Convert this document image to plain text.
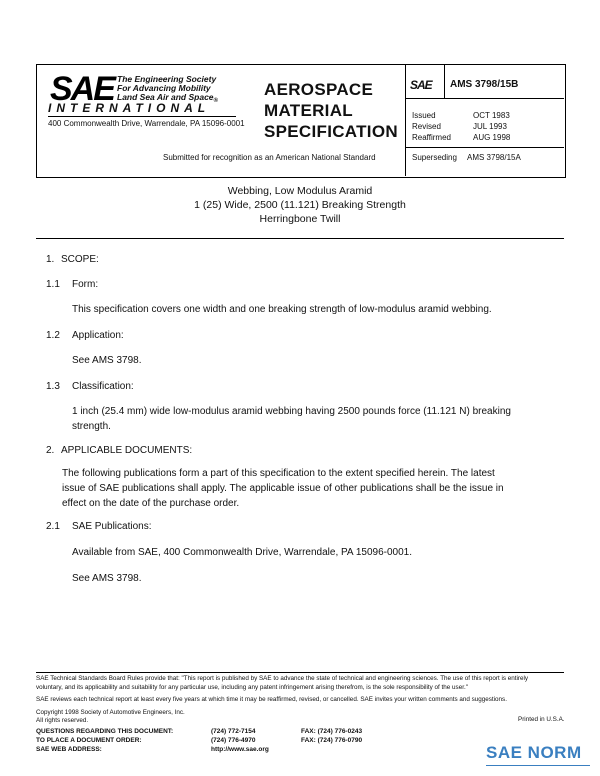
SAE The Engineering Society
For Advancing Mobility
Land Sea Air and Space$_®$
INTERNATIONAL
400 Commonwealth Drive, Warrendale, PA 15096-0001
AEROSPACE
MATERIAL
SPECIFICATION
Submitted for recognition as an American National Standard
SAE AMS 3798/15B
Issued	OCT 1983
Revised	JUL 1993
Reaffirmed	AUG 1998
Superseding AMS 3798/15A
Webbing, Low Modulus Aramid
1 (25) Wide, 2500 (11.121) Breaking Strength
Herringbone Twill
1. SCOPE:
1.1 Form:
This specification covers one width and one breaking strength of low-modulus aramid webbing.
1.2 Application:
See AMS 3798.
1.3 Classification:
1 inch (25.4 mm) wide low-modulus aramid webbing having 2500 pounds force (11.121 N) breaking
strength.
2. APPLICABLE DOCUMENTS:
The following publications form a part of this specification to the extent specified herein. The latest
issue of SAE publications shall apply. The applicable issue of other publications shall be the issue in
effect on the date of the purchase order.
2.1 SAE Publications:
Available from SAE, 400 Commonwealth Drive, Warrendale, PA 15096-0001.
See AMS 3798.
SAE Technical Standards Board Rules provide that: "This report is published by SAE to advance the state of technical and engineering sciences. The use of this report is entirely
voluntary, and its applicability and suitability for any particular use, including any patent infringement arising therefrom, is the sole responsibility of the user."
SAE reviews each technical report at least every five years at which time it may be reaffirmed, revised, or cancelled. SAE invites your written comments and suggestions.
Copyright 1998 Society of Automotive Engineers, Inc.
All rights reserved.	Printed in U.S.A.
QUESTIONS REGARDING THIS DOCUMENT:	(724) 772-7154	FAX: (724) 776-0243
TO PLACE A DOCUMENT ORDER:	(724) 776-4970	FAX: (724) 776-0790
SAE WEB ADDRESS:	http://www.sae.org	SAE NORM
